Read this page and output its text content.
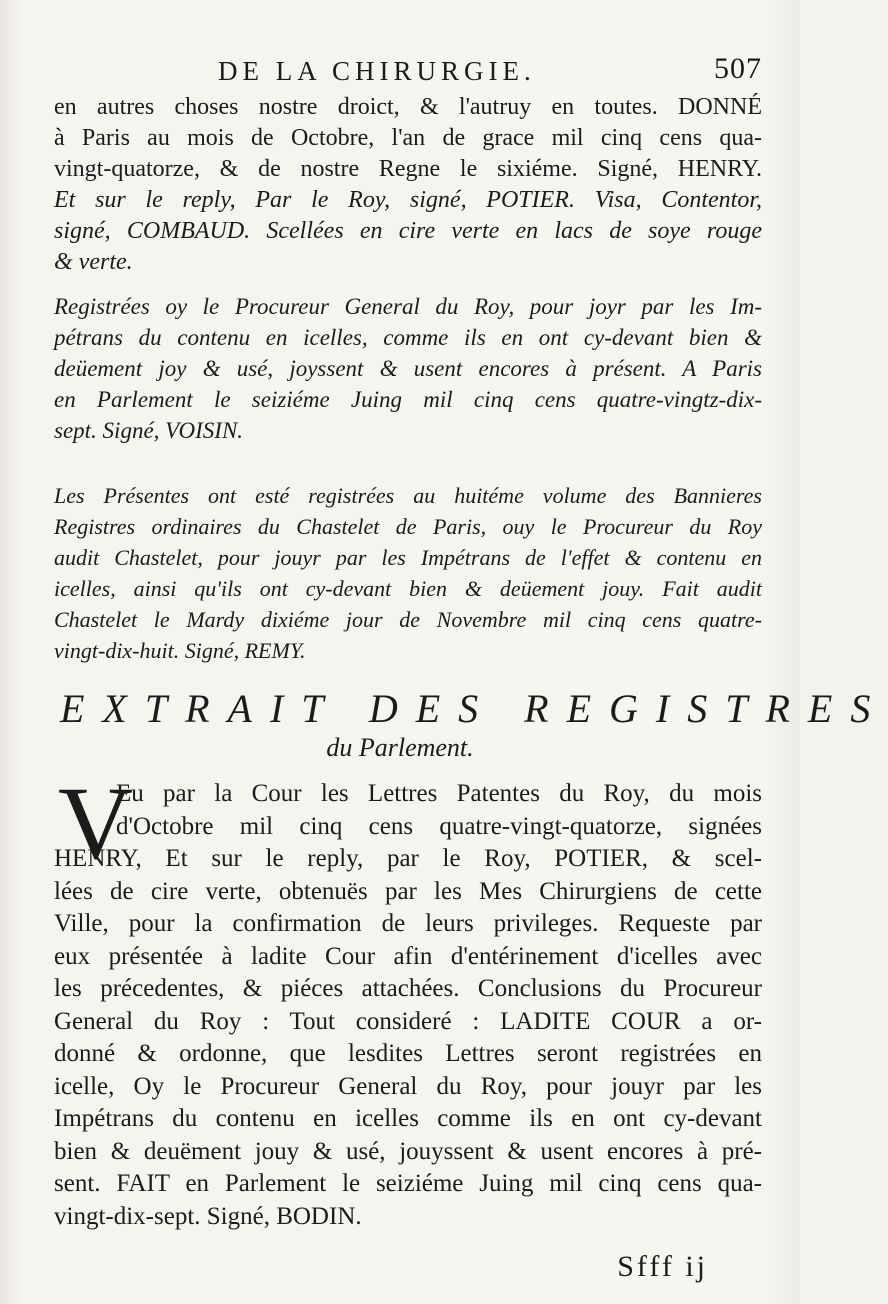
DE LA CHIRURGIE.	507
en autres choses nostre droict, & l'autruy en toutes. DONNÉ
à Paris au mois de Octobre, l'an de grace mil cinq cens qua-
vingt-quatorze, & de nostre Regne le sixiéme. Signé, HENRY.
Et sur le reply, Par le Roy, signé, POTIER. Visa, Contentor,
signé, COMBAUD. Scellées en cire verte en lacs de soye rouge
& verte.
Registrées oy le Procureur General du Roy, pour joyr par les Im-
pétrans du contenu en icelles, comme ils en ont cy-devant bien &
deüement joy & usé, joyssent & usent encores à présent. A Paris
en Parlement le seiziéme Juing mil cinq cens quatre-vingtz-dix-
sept. Signé, VOISIN.
Les Présentes ont esté registrées au huitéme volume des Bannieres
Registres ordinaires du Chastelet de Paris, ouy le Procureur du Roy
audit Chastelet, pour jouyr par les Impétrans de l'effet & contenu en
icelles, ainsi qu'ils ont cy-devant bien & deüement jouy. Fait audit
Chastelet le Mardy dixiéme jour de Novembre mil cinq cens quatre-
vingt-dix-huit. Signé, REMY.
EXTRAIT DES REGISTRES
du Parlement.
V
Eu par la Cour les Lettres Patentes du Roy, du mois
d'Octobre mil cinq cens quatre-vingt-quatorze, signées
HENRY, Et sur le reply, par le Roy, POTIER, & scel-
lées de cire verte, obtenuës par les Mes Chirurgiens de cette
Ville, pour la confirmation de leurs privileges. Requeste par
eux présentée à ladite Cour afin d'entérinement d'icelles avec
les précedentes, & piéces attachées. Conclusions du Procureur
General du Roy : Tout consideré : LADITE COUR a or-
donné & ordonne, que lesdites Lettres seront registrées en
icelle, Oy le Procureur General du Roy, pour jouyr par les
Impétrans du contenu en icelles comme ils en ont cy-devant
bien & deuëment jouy & usé, jouyssent & usent encores à pré-
sent. FAIT en Parlement le seiziéme Juing mil cinq cens qua-
vingt-dix-sept. Signé, BODIN.
Sfff ij
